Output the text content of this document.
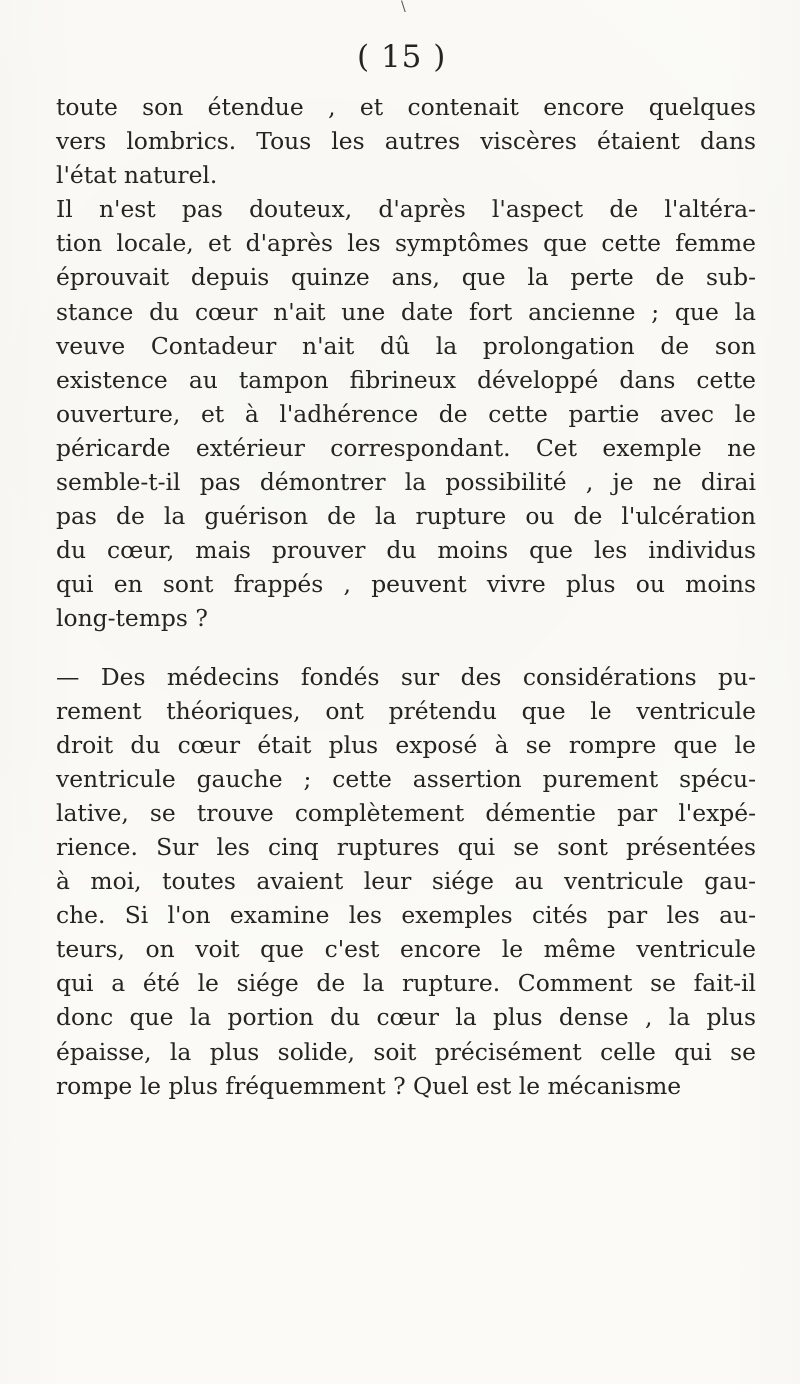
\
( 15 )
toute son étendue , et contenait encore quelques
vers lombrics. Tous les autres viscères étaient dans
l'état naturel.
Il n'est pas douteux, d'après l'aspect de l'altéra-
tion locale, et d'après les symptômes que cette femme
éprouvait depuis quinze ans, que la perte de sub-
stance du cœur n'ait une date fort ancienne ; que la
veuve Contadeur n'ait dû la prolongation de son
existence au tampon fibrineux développé dans cette
ouverture, et à l'adhérence de cette partie avec le
péricarde extérieur correspondant. Cet exemple ne
semble-t-il pas démontrer la possibilité , je ne dirai
pas de la guérison de la rupture ou de l'ulcération
du cœur, mais prouver du moins que les individus
qui en sont frappés , peuvent vivre plus ou moins
long-temps ?
— Des médecins fondés sur des considérations pu-
rement théoriques, ont prétendu que le ventricule
droit du cœur était plus exposé à se rompre que le
ventricule gauche ; cette assertion purement spécu-
lative, se trouve complètement démentie par l'expé-
rience. Sur les cinq ruptures qui se sont présentées
à moi, toutes avaient leur siége au ventricule gau-
che. Si l'on examine les exemples cités par les au-
teurs, on voit que c'est encore le même ventricule
qui a été le siége de la rupture. Comment se fait-il
donc que la portion du cœur la plus dense , la plus
épaisse, la plus solide, soit précisément celle qui se
rompe le plus fréquemment ? Quel est le mécanisme
